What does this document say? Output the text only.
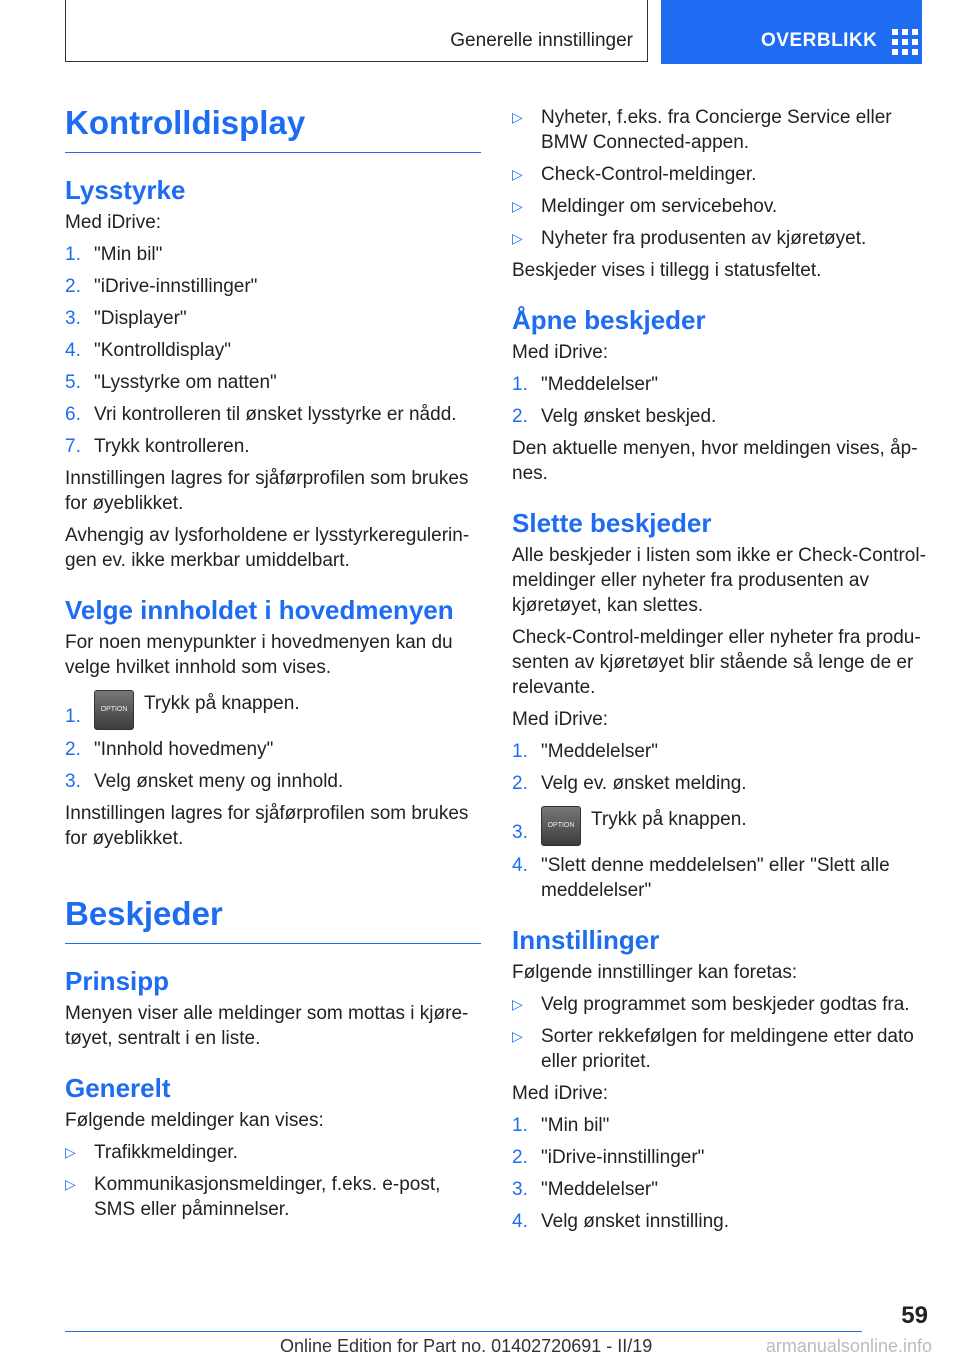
Generelle innstillinger	OVERBLIKK
Kontrolldisplay
Lysstyrke

Med iDrive:

1. "Min bil"
2. "iDrive-innstillinger"
3. "Displayer"
4. "Kontrolldisplay"
5. "Lysstyrke om natten"
6. Vri kontrolleren til ønsket lysstyrke er nådd.
7. Trykk kontrolleren.

Innstillingen lagres for sjåførprofilen som brukes for øyeblikket.

Avhengig av lysforholdene er lysstyrkereguleringen ev. ikke merkbar umiddelbart.

Velge innholdet i hovedmenyen

For noen menypunkter i hovedmenyen kan du velge hvilket innhold som vises.

1.	OPTION Trykk på knappen.
2. "Innhold hovedmeny"
3. Velg ønsket meny og innhold.

Innstillingen lagres for sjåførprofilen som brukes for øyeblikket.

Beskjeder
Prinsipp

Menyen viser alle meldinger som mottas i kjøretøyet, sentralt i en liste.

Generelt

Følgende meldinger kan vises:

▷ Trafikkmeldinger.
▷ Kommunikasjonsmeldinger, f.eks. e-post, SMS eller påminnelser.
▷ Nyheter, f.eks. fra Concierge Service eller BMW Connected-appen.
▷ Check-Control-meldinger.
▷ Meldinger om servicebehov.
▷ Nyheter fra produsenten av kjøretøyet.

Beskjeder vises i tillegg i statusfeltet.

Åpne beskjeder

Med iDrive:

1. "Meddelelser"
2. Velg ønsket beskjed.

Den aktuelle menyen, hvor meldingen vises, åpnes.

Slette beskjeder

Alle beskjeder i listen som ikke er Check-Control-meldinger eller nyheter fra produsenten av kjøretøyet, kan slettes.

Check-Control-meldinger eller nyheter fra produsenten av kjøretøyet blir stående så lenge de er relevante.

Med iDrive:

1. "Meddelelser"
2. Velg ev. ønsket melding.
3.	OPTION Trykk på knappen.
4. "Slett denne meddelelsen" eller "Slett alle meddelelser"
Innstillinger

Følgende innstillinger kan foretas:

▷ Velg programmet som beskjeder godtas fra.
▷ Sorter rekkefølgen for meldingene etter dato eller prioritet.

Med iDrive:

1. "Min bil"
2. "iDrive-innstillinger"
3. "Meddelelser"
4. Velg ønsket innstilling.
59
Online Edition for Part no. 01402720691 - II/19	armanualsonline.info
